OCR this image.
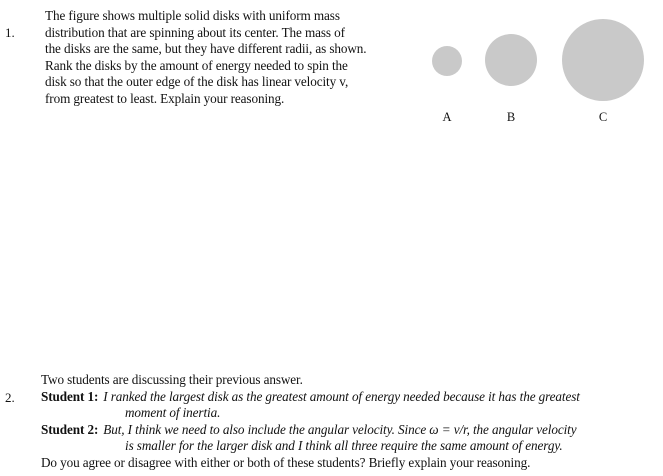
1.
The figure shows multiple solid disks with uniform mass
distribution that are spinning about its center. The mass of
the disks are the same, but they have different radii, as shown.
Rank the disks by the amount of energy needed to spin the
disk so that the outer edge of the disk has linear velocity v,
from greatest to least. Explain your reasoning.
A	B	C
2.

Two students are discussing their previous answer.

Student 1: I ranked the largest disk as the greatest amount of energy needed because it has the greatest

moment of inertia.

Student 2: But, I think we need to also include the angular velocity. Since ω = v/r, the angular velocity

is smaller for the larger disk and I think all three require the same amount of energy.

Do you agree or disagree with either or both of these students? Briefly explain your reasoning.
